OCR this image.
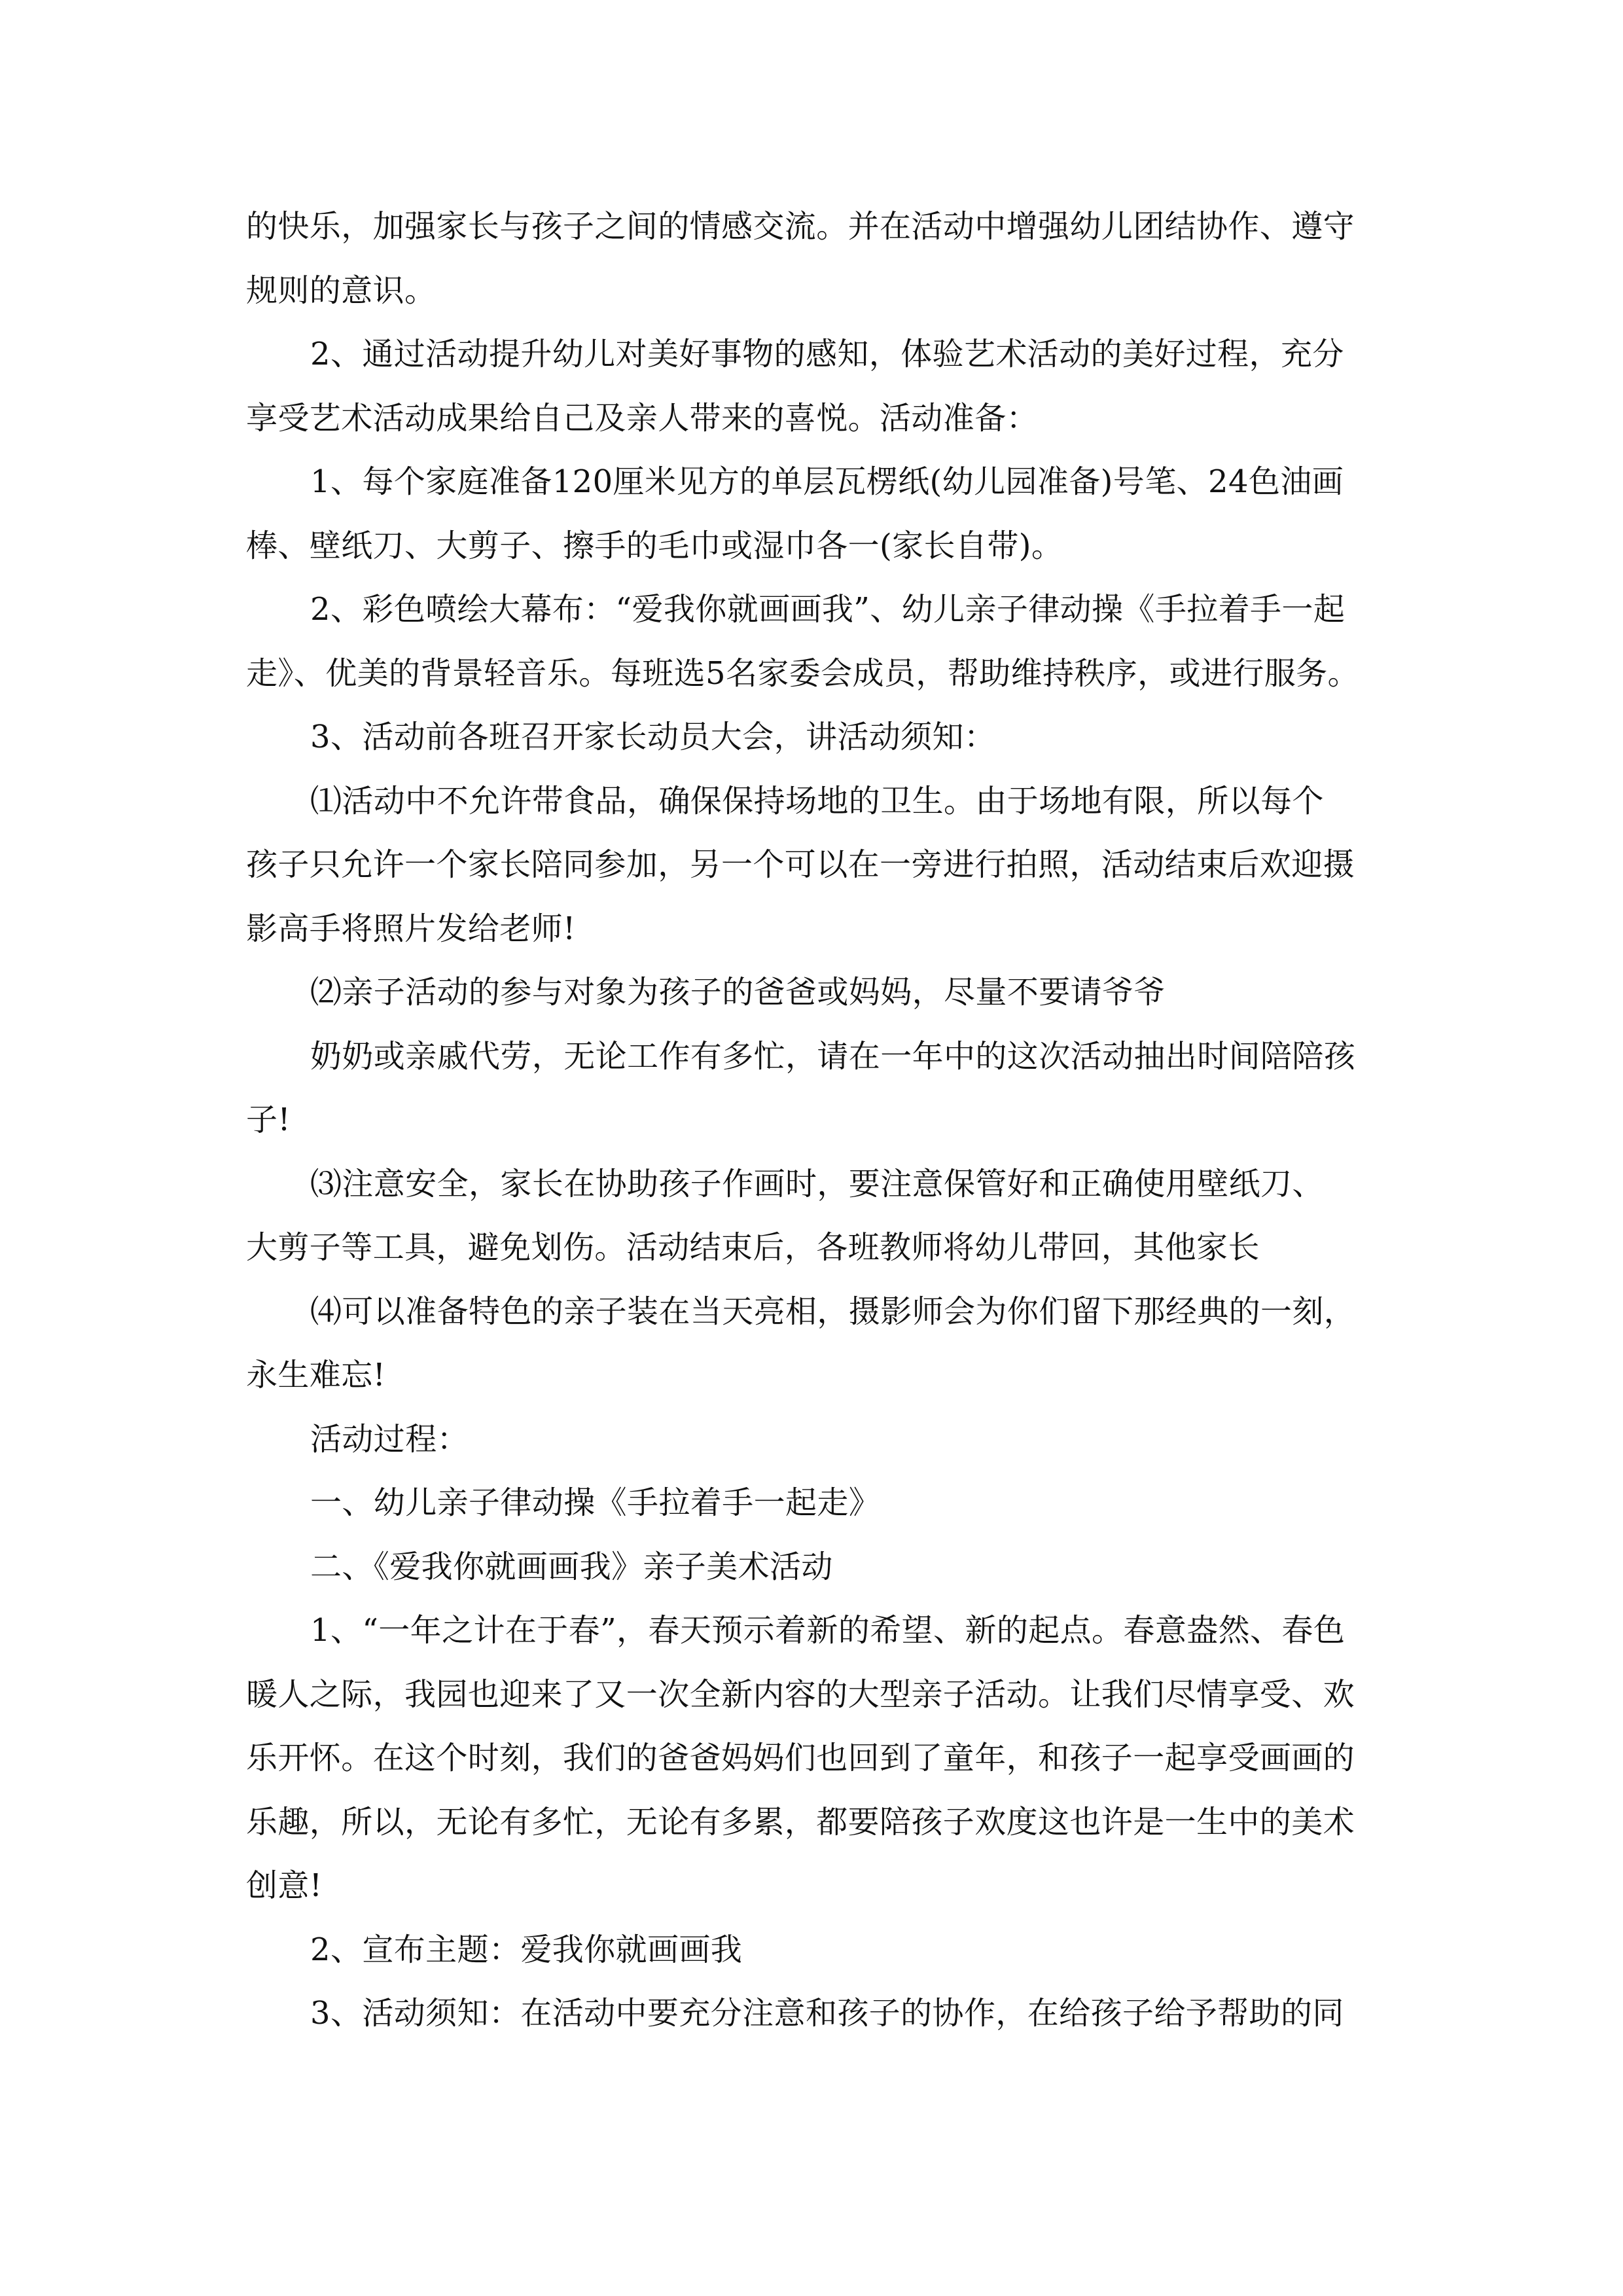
的快乐，加强家长与孩子之间的情感交流。并在活动中增强幼儿团结协作、遵守
规则的意识。
2、通过活动提升幼儿对美好事物的感知，体验艺术活动的美好过程，充分
享受艺术活动成果给自己及亲人带来的喜悦。活动准备：
1、每个家庭准备120厘米见方的单层瓦楞纸(幼儿园准备)号笔、24色油画
棒、壁纸刀、大剪子、擦手的毛巾或湿巾各一(家长自带)。
2、彩色喷绘大幕布：“爱我你就画画我”、幼儿亲子律动操《手拉着手一起
走》、优美的背景轻音乐。每班选5名家委会成员，帮助维持秩序，或进行服务。
3、活动前各班召开家长动员大会，讲活动须知：
⑴活动中不允许带食品，确保保持场地的卫生。由于场地有限，所以每个
孩子只允许一个家长陪同参加，另一个可以在一旁进行拍照，活动结束后欢迎摄
影高手将照片发给老师!
⑵亲子活动的参与对象为孩子的爸爸或妈妈，尽量不要请爷爷
奶奶或亲戚代劳，无论工作有多忙，请在一年中的这次活动抽出时间陪陪孩
子!
⑶注意安全，家长在协助孩子作画时，要注意保管好和正确使用壁纸刀、
大剪子等工具，避免划伤。活动结束后，各班教师将幼儿带回，其他家长
⑷可以准备特色的亲子装在当天亮相，摄影师会为你们留下那经典的一刻，
永生难忘!
活动过程：
一、幼儿亲子律动操《手拉着手一起走》
二、《爱我你就画画我》亲子美术活动
1、“一年之计在于春”，春天预示着新的希望、新的起点。春意盎然、春色
暖人之际，我园也迎来了又一次全新内容的大型亲子活动。让我们尽情享受、欢
乐开怀。在这个时刻，我们的爸爸妈妈们也回到了童年，和孩子一起享受画画的
乐趣，所以，无论有多忙，无论有多累，都要陪孩子欢度这也许是一生中的美术
创意!
2、宣布主题：爱我你就画画我
3、活动须知：在活动中要充分注意和孩子的协作，在给孩子给予帮助的同
